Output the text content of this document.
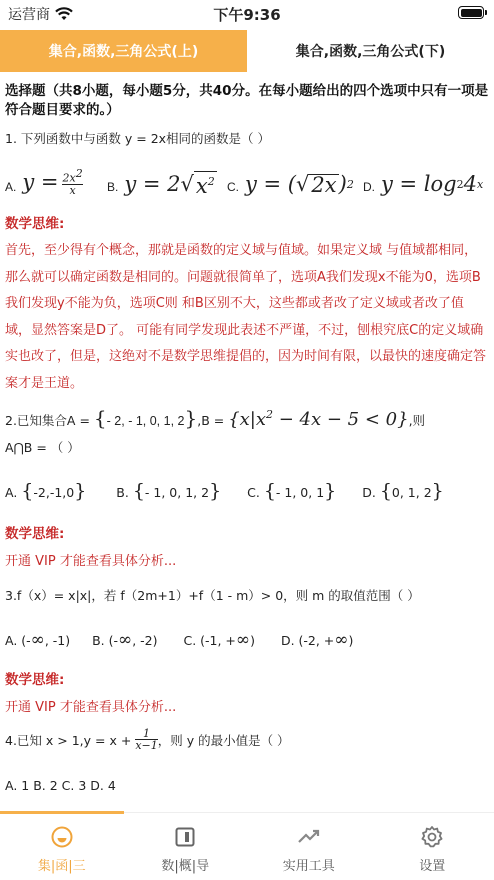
运营商	下午9:36
集合,函数,三角公式(上)	集合,函数,三角公式(下)
选择题（共8小题，每小题5分，共40分。在每小题给出的四个选项中只有一项是符合题目要求的。）
1. 下列函数中与函数 y = 2x相同的函数是（ ）
A. $y = \frac{2x^2}{x} B$. y = 2 √ $x^2$ C. y = ( √ 2x ) 2 D. y = log 2 4 x
数学思维:
首先，至少得有个概念，那就是函数的定义域与值域。如果定义域 与值域都相同，那么就可以确定函数是相同的。问题就很简单了，选项A我们发现x不能为0，选项B我们发现y不能为负，选项C则 和B区别不大，这些都或者改了定义域或者改了值域，显然答案是D了。 可能有同学发现此表述不严谨，不过，刨根究底C的定义域确实也改了，但是，这绝对不是数学思维提倡的，因为时间有限，以最快的速度确定答案才是王道。
2.已知集合A = {- 2, - 1, 0, 1, $2\},B = \{x|x^2 - 4x - 5 < 0\}$,则
A⋂B = （ ）
A. {-2,-1,0} B. {- 1, 0, 1, 2} C. {- 1, 0, 1} D. {0, 1, 2}
数学思维:
开通 VIP 才能查看具体分析...
3.f（x）= x|x|，若 f（2m+1）+f（1 - m）> 0，则 m 的取值范围（ ）
A. (-∞, -1) B. (-∞, -2) C. (-1, +∞) D. (-2, +∞)
数学思维:
开通 VIP 才能查看具体分析...
4.已知 $x > 1,y = x + \frac{1}{x-1}$ ，则 y 的最小值是（ ）
A. 1 B. 2 C. 3 D. 4
集|函|三	数|概|导	实用工具	设置
